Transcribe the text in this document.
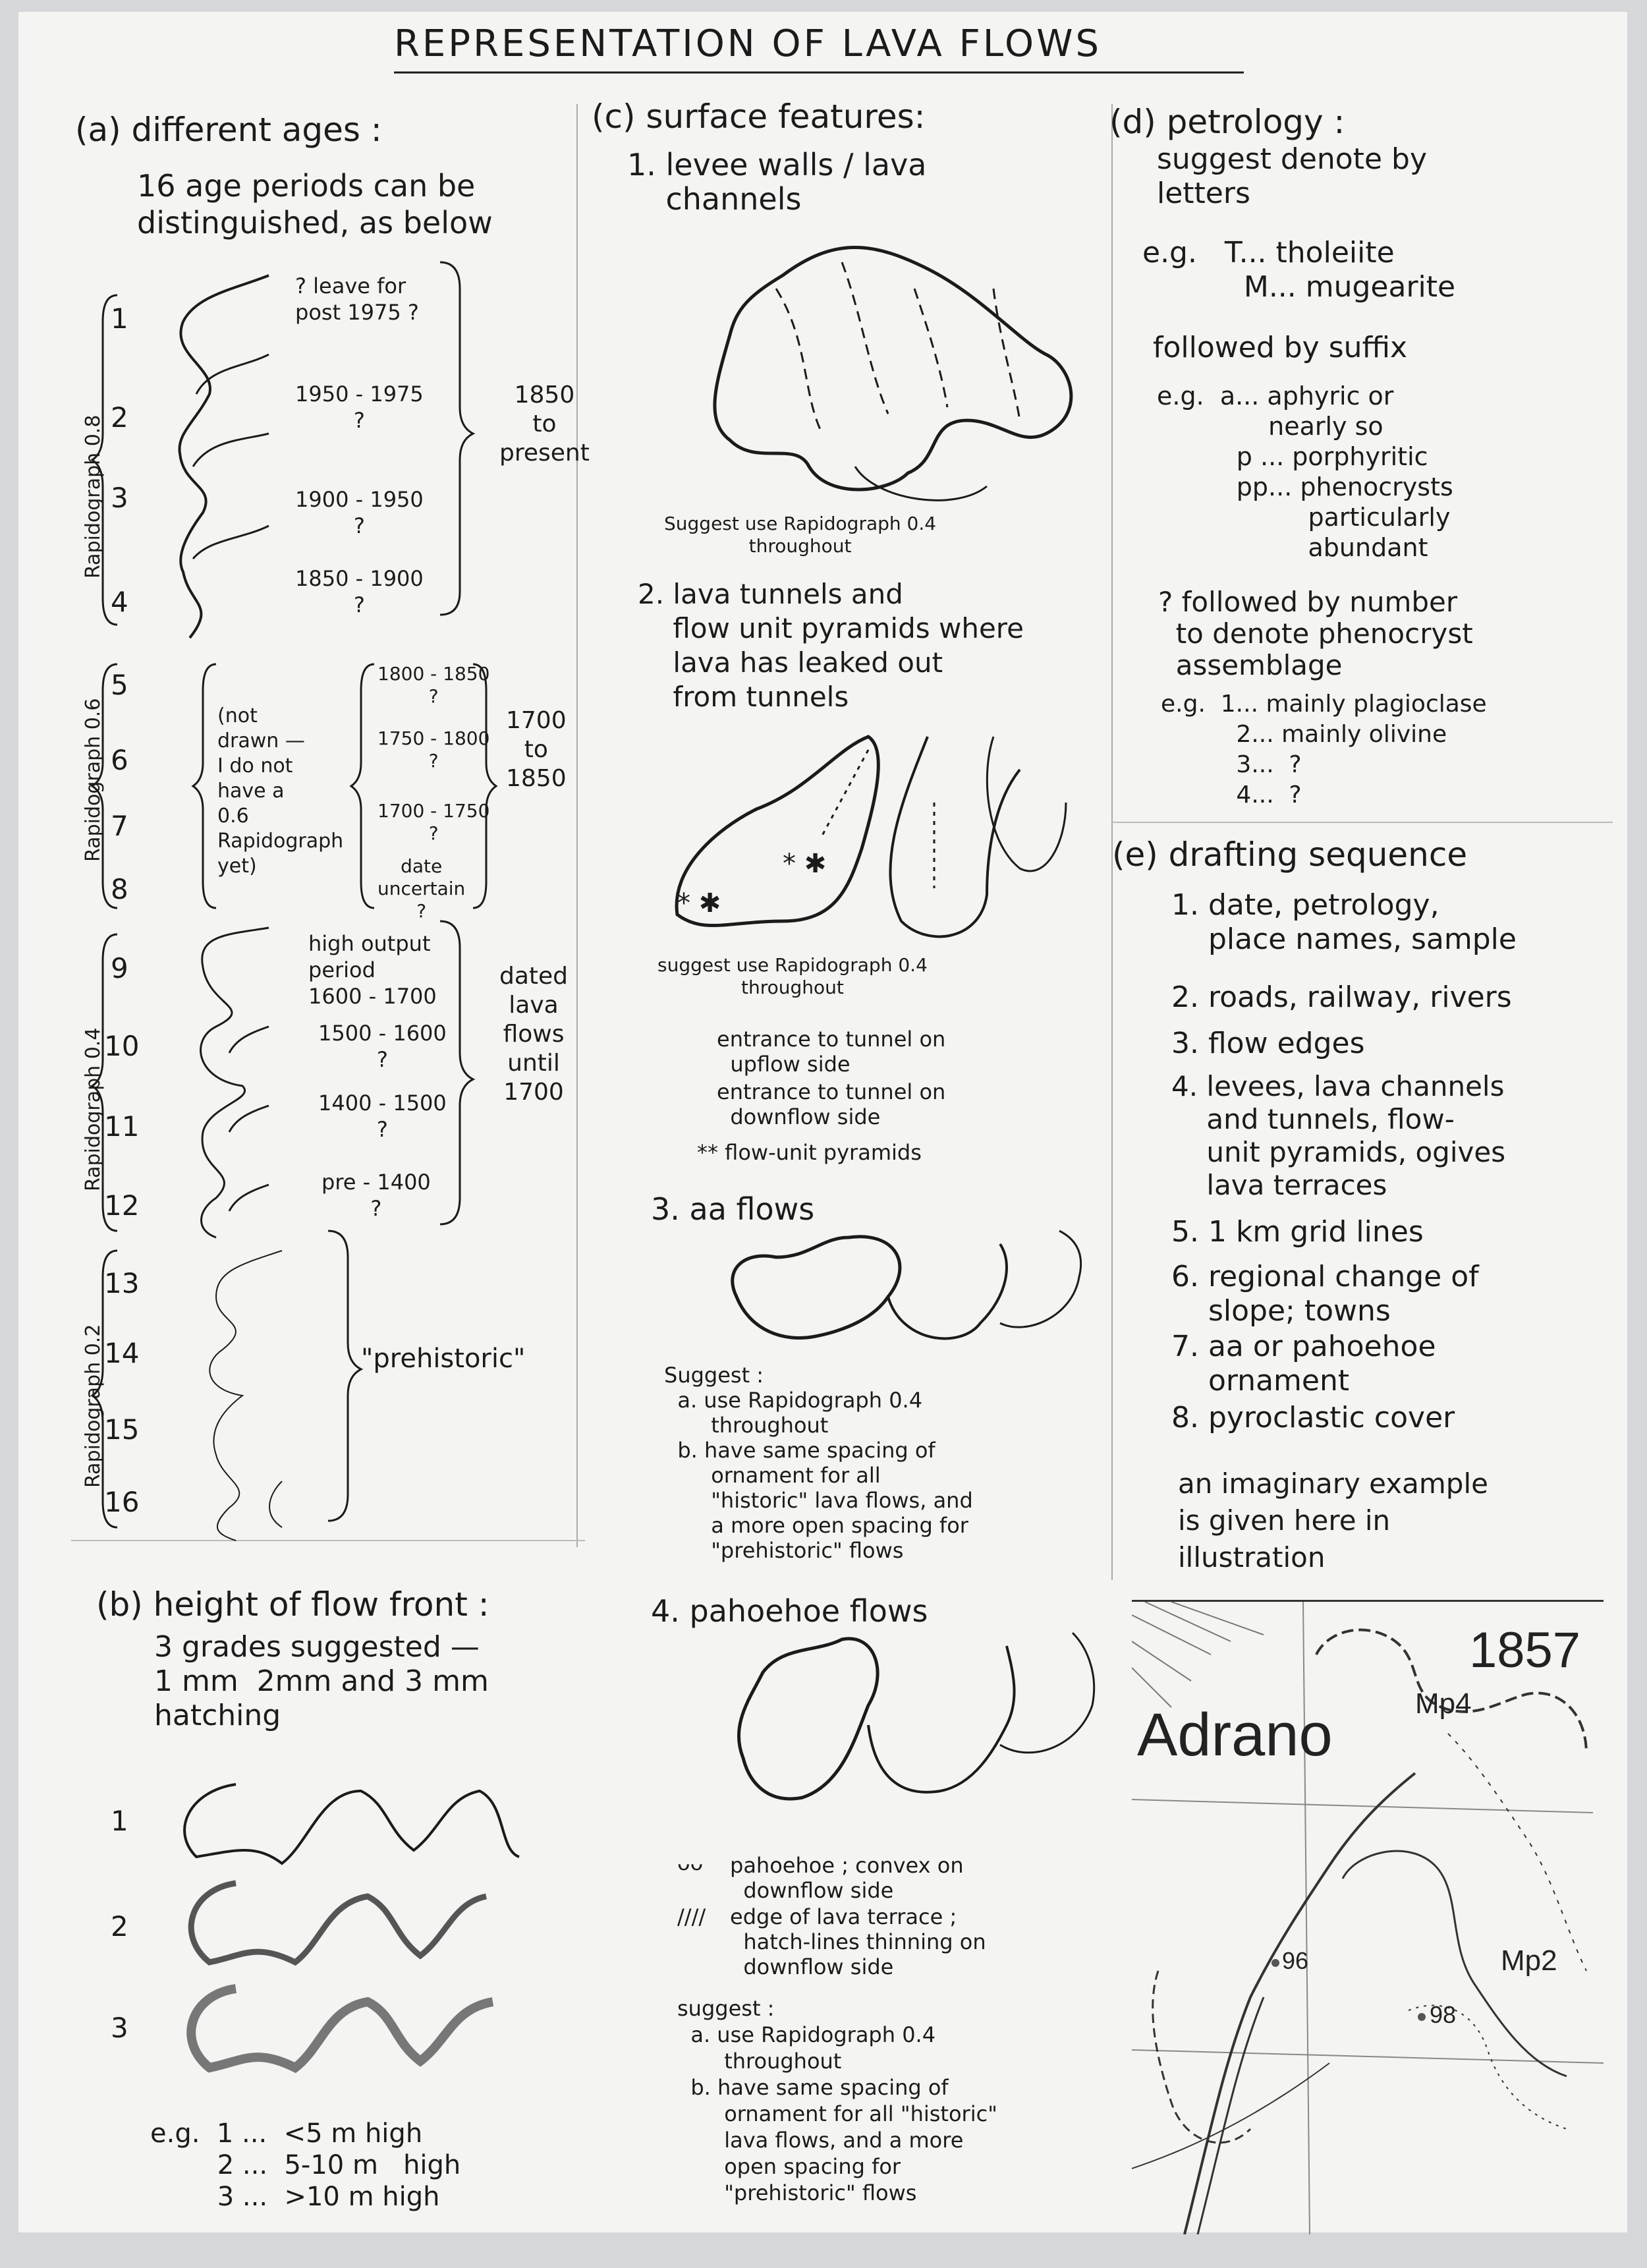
REPRESENTATION OF LAVA FLOWS

(a) different ages :

16 age periods can be
distinguished, as below

Rapidograph 0.8
Rapidograph 0.6
Rapidograph 0.4
Rapidograph 0.2

1

2

3

4

5

6

7

8

9

10

11

12

13

14

15

16

? leave for
post 1975 ?

1950 - 1975
?

1900 - 1950
?

1850 - 1900
?

1800 - 1850
?

1750 - 1800
?

1700 - 1750
?

date
uncertain
?

high output
period
1600 - 1700

1500 - 1600
?

1400 - 1500
?

pre - 1400
?

1850
to
present

(not
drawn —
I do not
have a
0.6
Rapidograph
yet)

1700
to
1850

dated
lava
flows
until
1700

"prehistoric"

(b) height of flow front :

3 grades suggested —
1 mm  2mm and 3 mm
hatching

1

2

3

e.g.  1 ...  <5 m high
2 ...  5-10 m   high
3 ...  >10 m high

(c) surface features:

1. levee walls / lava
channels

Suggest use Rapidograph 0.4
throughout

2. lava tunnels and
flow unit pyramids where
lava has leaked out
from tunnels

suggest use Rapidograph 0.4
throughout

* ✱

* ✱

entrance to tunnel on
upflow side

entrance to tunnel on
downflow side

** flow-unit pyramids

3. aa flows

Suggest :
a. use Rapidograph 0.4
throughout
b. have same spacing of
ornament for all
"historic" lava flows, and
a more open spacing for
"prehistoric" flows

4. pahoehoe flows

ᴗᴗ pahoehoe ; convex on
downflow side

//// edge of lava terrace ;
hatch-lines thinning on
downflow side

suggest :
a. use Rapidograph 0.4
throughout
b. have same spacing of
ornament for all "historic"
lava flows, and a more
open spacing for
"prehistoric" flows

(d) petrology :

suggest denote by
letters

e.g.   T... tholeiite
M... mugearite

followed by suffix

e.g.  a... aphyric or
nearly so
p ... porphyritic
pp... phenocrysts
particularly
abundant

? followed by number
to denote phenocryst
assemblage

e.g.  1... mainly plagioclase
2... mainly olivine
3...  ?
4...  ?

(e) drafting sequence

1. date, petrology,
place names, sample

2. roads, railway, rivers

3. flow edges

4. levees, lava channels
and tunnels, flow-
unit pyramids, ogives
lava terraces

5. 1 km grid lines

6. regional change of
slope; towns

7. aa or pahoehoe
ornament

8. pyroclastic cover

an imaginary example
is given here in
illustration

1857
Adrano	Mp4
Mp2
96
98
